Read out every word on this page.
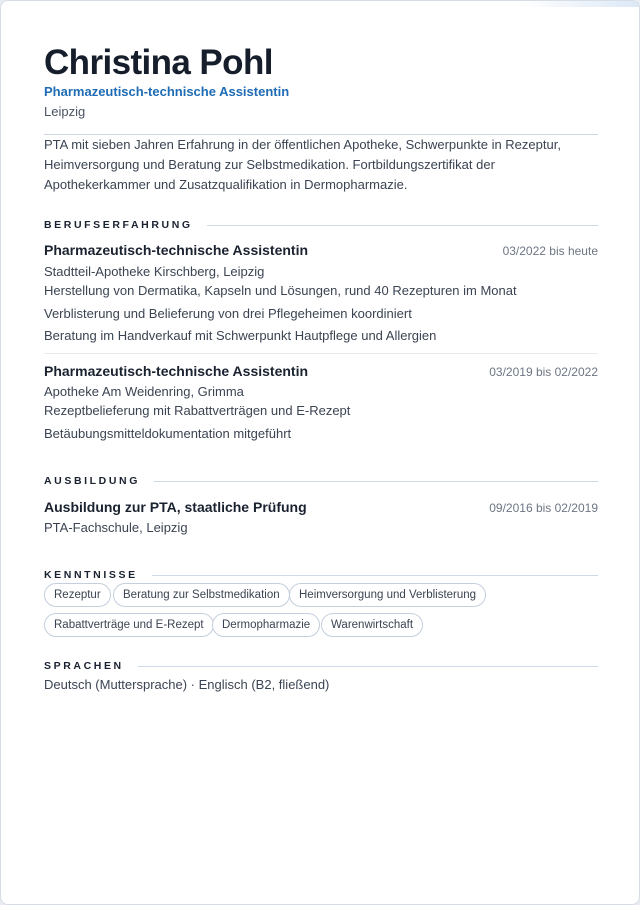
Christina Pohl
Pharmazeutisch-technische Assistentin
Leipzig
PTA mit sieben Jahren Erfahrung in der öffentlichen Apotheke, Schwerpunkte in Rezeptur, Heimversorgung und Beratung zur Selbstmedikation. Fortbildungszertifikat der Apothekerkammer und Zusatzqualifikation in Dermopharmazie.
BERUFSERFAHRUNG
Pharmazeutisch-technische Assistentin	03/2022 bis heute
Stadtteil-Apotheke Kirschberg, Leipzig
Herstellung von Dermatika, Kapseln und Lösungen, rund 40 Rezepturen im Monat
Verblisterung und Belieferung von drei Pflegeheimen koordiniert
Beratung im Handverkauf mit Schwerpunkt Hautpflege und Allergien
Pharmazeutisch-technische Assistentin	03/2019 bis 02/2022
Apotheke Am Weidenring, Grimma
Rezeptbelieferung mit Rabattverträgen und E-Rezept
Betäubungsmitteldokumentation mitgeführt
AUSBILDUNG
Ausbildung zur PTA, staatliche Prüfung	09/2016 bis 02/2019
PTA-Fachschule, Leipzig
KENNTNISSE
Rezeptur	Beratung zur Selbstmedikation	Heimversorgung und Verblisterung
Rabattverträge und E-Rezept	Dermopharmazie	Warenwirtschaft
SPRACHEN
Deutsch (Muttersprache) · Englisch (B2, fließend)
